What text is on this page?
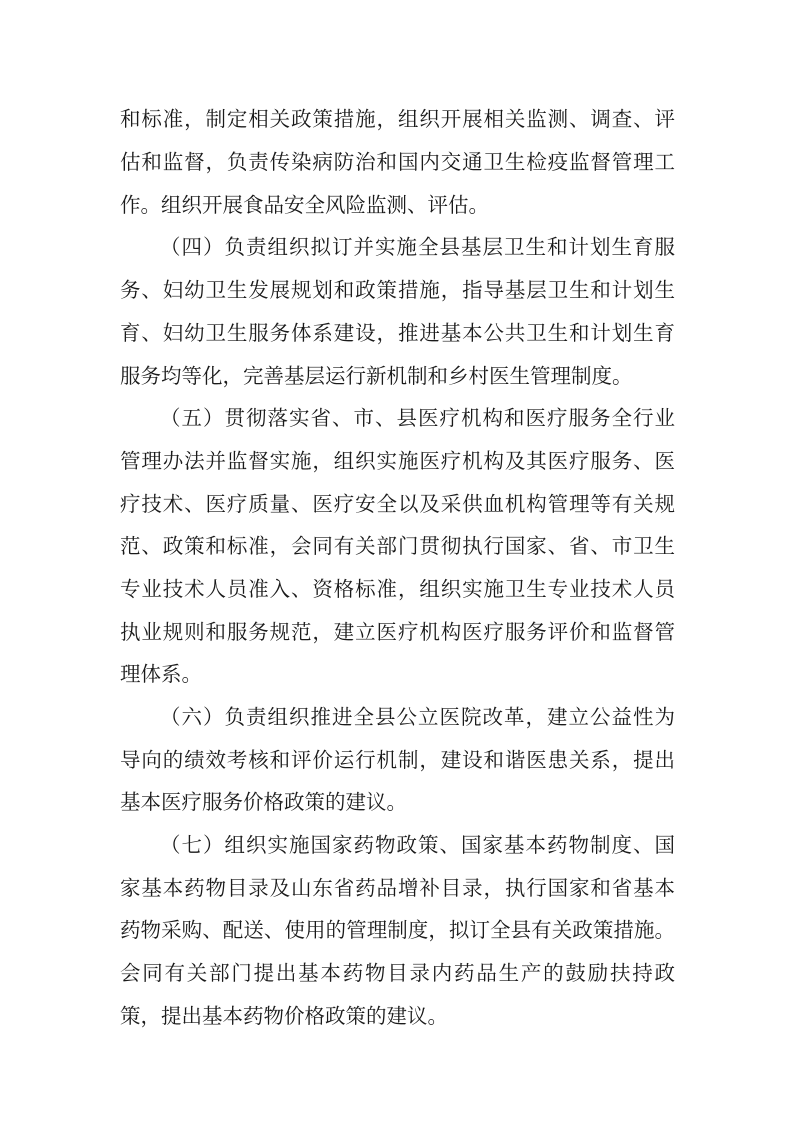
和标准，制定相关政策措施，组织开展相关监测、调查、评
估和监督，负责传染病防治和国内交通卫生检疫监督管理工
作。组织开展食品安全风险监测、评估。
（四）负责组织拟订并实施全县基层卫生和计划生育服
务、妇幼卫生发展规划和政策措施，指导基层卫生和计划生
育、妇幼卫生服务体系建设，推进基本公共卫生和计划生育
服务均等化，完善基层运行新机制和乡村医生管理制度。
（五）贯彻落实省、市、县医疗机构和医疗服务全行业
管理办法并监督实施，组织实施医疗机构及其医疗服务、医
疗技术、医疗质量、医疗安全以及采供血机构管理等有关规
范、政策和标准，会同有关部门贯彻执行国家、省、市卫生
专业技术人员准入、资格标准，组织实施卫生专业技术人员
执业规则和服务规范，建立医疗机构医疗服务评价和监督管
理体系。
（六）负责组织推进全县公立医院改革，建立公益性为
导向的绩效考核和评价运行机制，建设和谐医患关系，提出
基本医疗服务价格政策的建议。
（七）组织实施国家药物政策、国家基本药物制度、国
家基本药物目录及山东省药品增补目录，执行国家和省基本
药物采购、配送、使用的管理制度，拟订全县有关政策措施。
会同有关部门提出基本药物目录内药品生产的鼓励扶持政
策，提出基本药物价格政策的建议。
